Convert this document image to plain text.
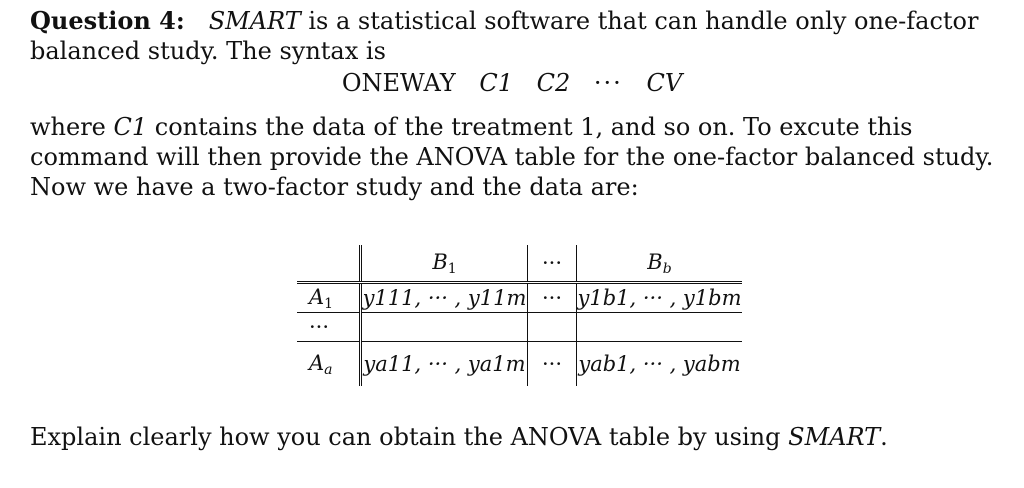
Question 4: SMART is a statistical software that can handle only one-factor balanced study. The syntax is

ONEWAY C1 C2 ··· CV

where C1 contains the data of the treatment 1, and so on. To excute this command will then provide the ANOVA table for the one-factor balanced study. Now we have a two-factor study and the data are:

	$B_1$	···	$B_b$
$A_1$	y111, ··· , y11m	···	y1b1, ··· , y1bm
···			
$A_a$	ya11, ··· , ya1m	···	yab1, ··· , yabm

Explain clearly how you can obtain the ANOVA table by using SMART.
